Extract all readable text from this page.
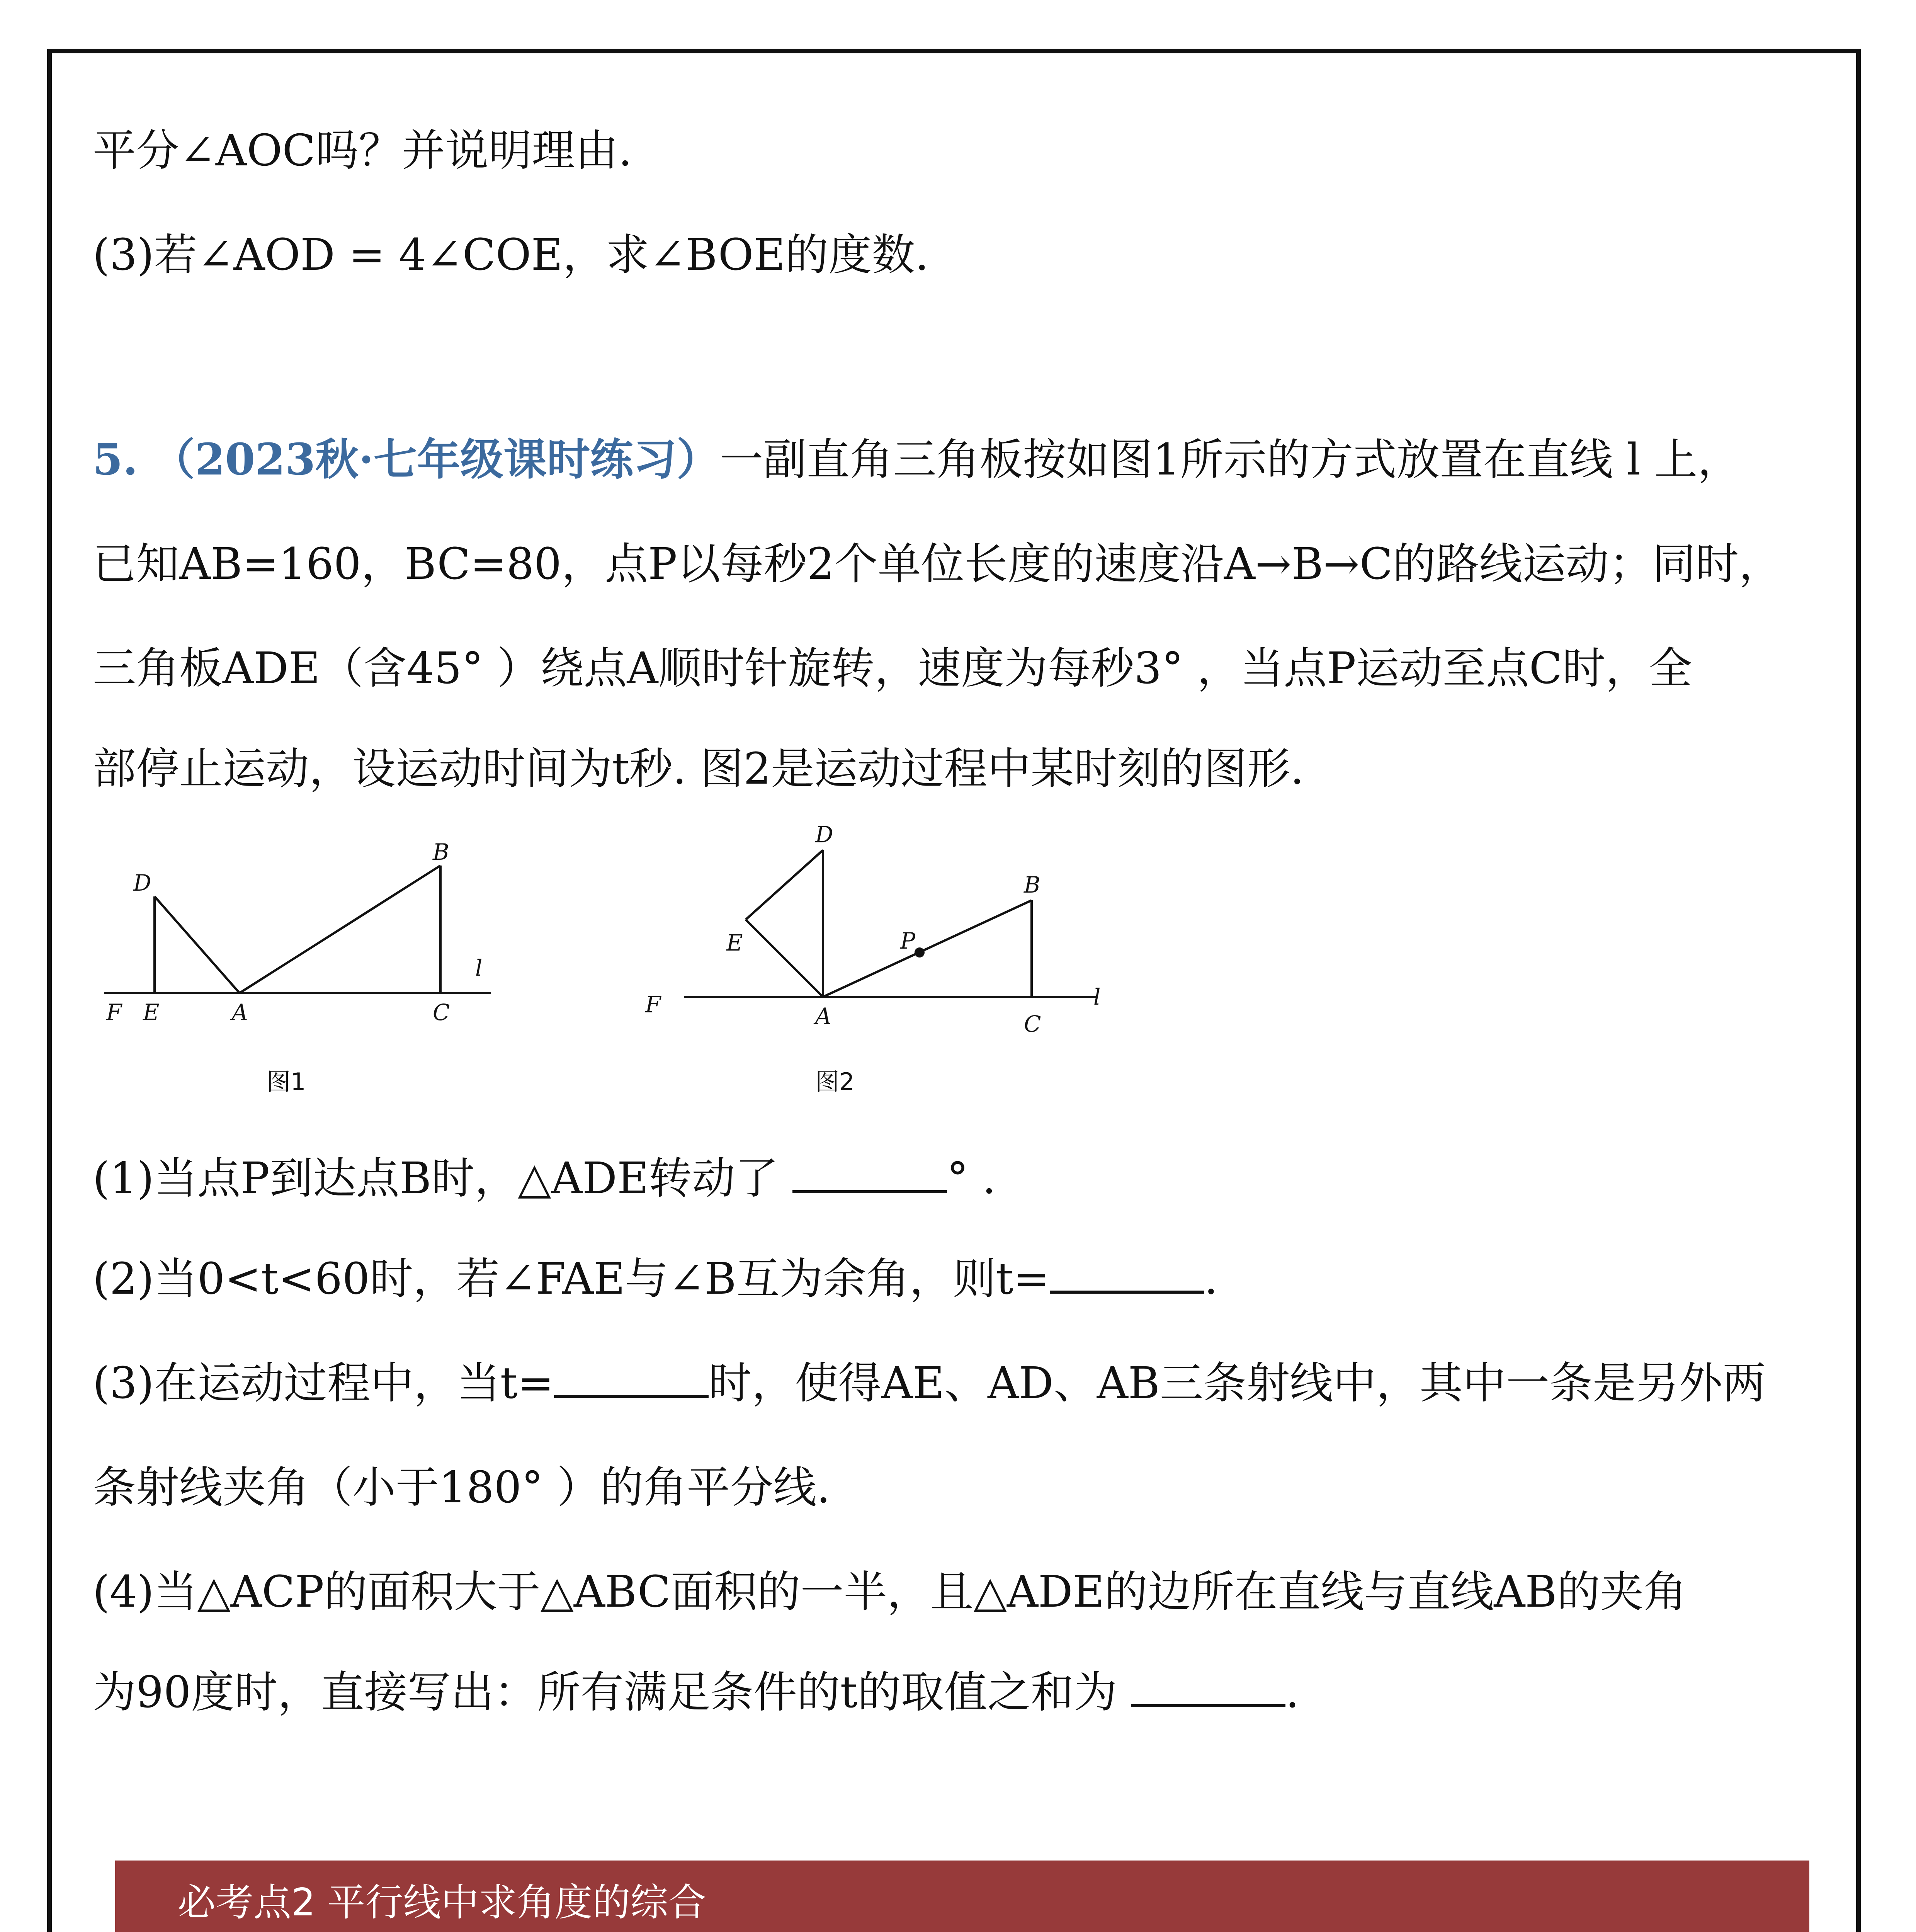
平分∠AOC吗？并说明理由.
(3)若∠AOD = 4∠COE，求∠BOE的度数.
5. （2023秋·七年级课时练习）一副直角三角板按如图1所示的方式放置在直线 l 上，
已知AB=160，BC=80，点P以每秒2个单位长度的速度沿A→B→C的路线运动；同时，
三角板ADE（含45° ）绕点A顺时针旋转，速度为每秒3° ，当点P运动至点C时，全
部停止运动，设运动时间为t秒. 图2是运动过程中某时刻的图形.
D
B
F E	A	C
l
图1
D
B
E	P
F	A	C
l
图2
(1)当点P到达点B时，△ADE转动了	° .
(2)当0<t<60时，若∠FAE与∠B互为余角，则t=	.
(3)在运动过程中，当t=	时，使得AE、AD、AB三条射线中，其中一条是另外两
条射线夹角（小于180° ）的角平分线.
(4)当△ACP的面积大于△ABC面积的一半，且△ADE的边所在直线与直线AB的夹角
为90度时，直接写出：所有满足条件的t的取值之和为	.
必考点2 平行线中求角度的综合
